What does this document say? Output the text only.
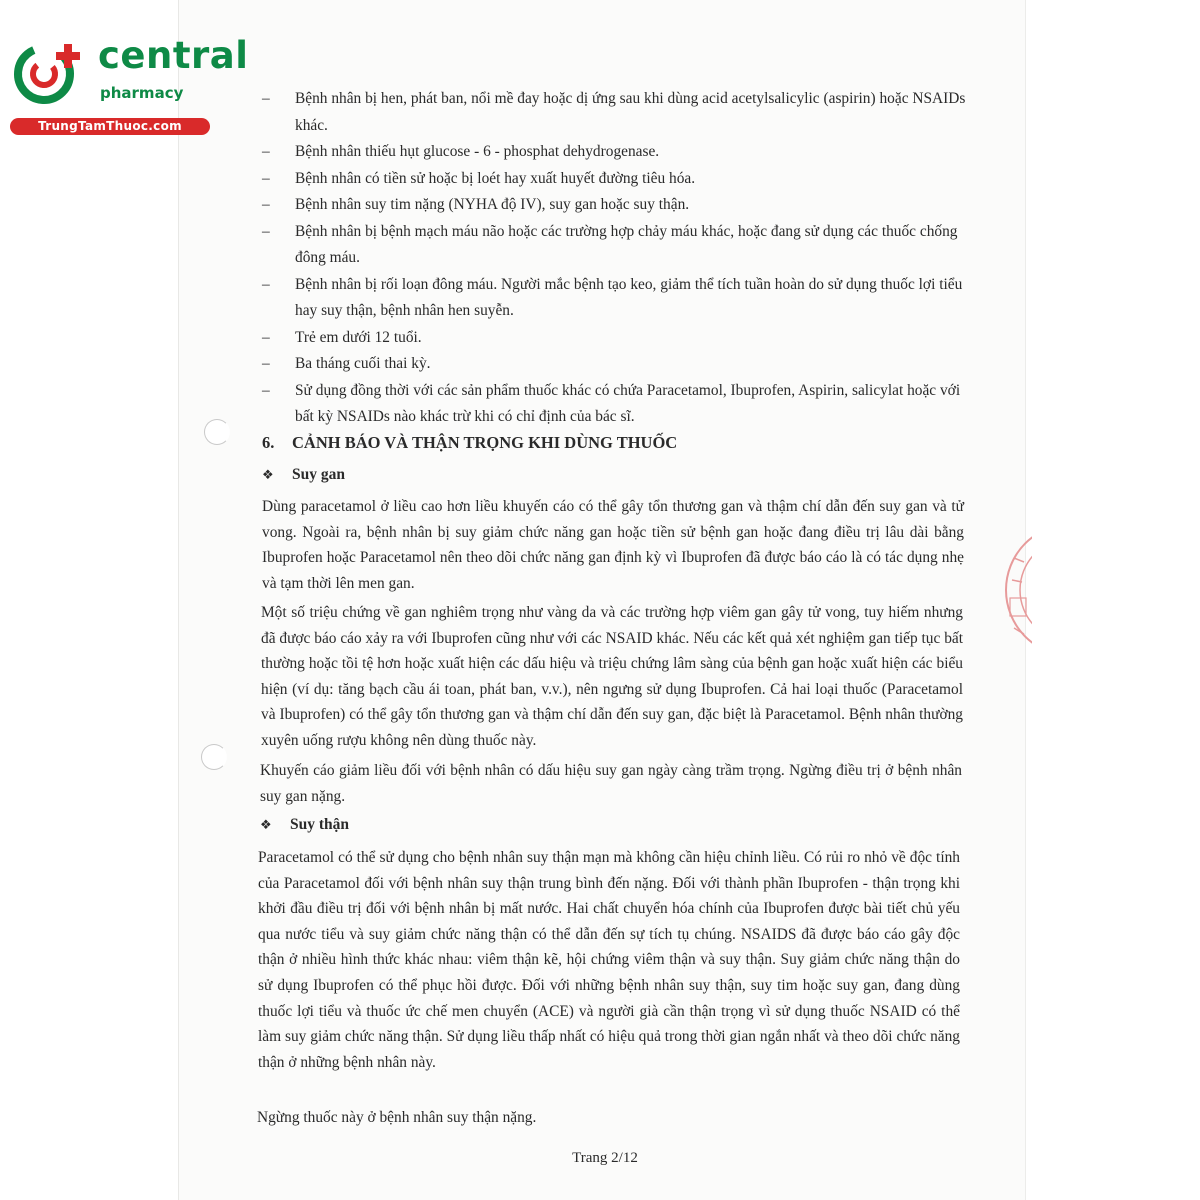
central
pharmacy
TrungTamThuoc.com
– Bệnh nhân bị hen, phát ban, nổi mề đay hoặc dị ứng sau khi dùng acid acetylsalicylic (aspirin) hoặc NSAIDs khác.
– Bệnh nhân thiếu hụt glucose - 6 - phosphat dehydrogenase.
– Bệnh nhân có tiền sử hoặc bị loét hay xuất huyết đường tiêu hóa.
– Bệnh nhân suy tim nặng (NYHA độ IV), suy gan hoặc suy thận.
– Bệnh nhân bị bệnh mạch máu não hoặc các trường hợp chảy máu khác, hoặc đang sử dụng các thuốc chống đông máu.
– Bệnh nhân bị rối loạn đông máu. Người mắc bệnh tạo keo, giảm thể tích tuần hoàn do sử dụng thuốc lợi tiểu hay suy thận, bệnh nhân hen suyễn.
– Trẻ em dưới 12 tuổi.
– Ba tháng cuối thai kỳ.
– Sử dụng đồng thời với các sản phẩm thuốc khác có chứa Paracetamol, Ibuprofen, Aspirin, salicylat hoặc với bất kỳ NSAIDs nào khác trừ khi có chỉ định của bác sĩ.
6. CẢNH BÁO VÀ THẬN TRỌNG KHI DÙNG THUỐC
❖ Suy gan

Dùng paracetamol ở liều cao hơn liều khuyến cáo có thể gây tổn thương gan và thậm chí dẫn đến suy gan và tử vong. Ngoài ra, bệnh nhân bị suy giảm chức năng gan hoặc tiền sử bệnh gan hoặc đang điều trị lâu dài bằng Ibuprofen hoặc Paracetamol nên theo dõi chức năng gan định kỳ vì Ibuprofen đã được báo cáo là có tác dụng nhẹ và tạm thời lên men gan.

Một số triệu chứng về gan nghiêm trọng như vàng da và các trường hợp viêm gan gây tử vong, tuy hiếm nhưng đã được báo cáo xảy ra với Ibuprofen cũng như với các NSAID khác. Nếu các kết quả xét nghiệm gan tiếp tục bất thường hoặc tồi tệ hơn hoặc xuất hiện các dấu hiệu và triệu chứng lâm sàng của bệnh gan hoặc xuất hiện các biểu hiện (ví dụ: tăng bạch cầu ái toan, phát ban, v.v.), nên ngưng sử dụng Ibuprofen. Cả hai loại thuốc (Paracetamol và Ibuprofen) có thể gây tổn thương gan và thậm chí dẫn đến suy gan, đặc biệt là Paracetamol. Bệnh nhân thường xuyên uống rượu không nên dùng thuốc này.

Khuyến cáo giảm liều đối với bệnh nhân có dấu hiệu suy gan ngày càng trầm trọng. Ngừng điều trị ở bệnh nhân suy gan nặng.

❖ Suy thận

Paracetamol có thể sử dụng cho bệnh nhân suy thận mạn mà không cần hiệu chỉnh liều. Có rủi ro nhỏ về độc tính của Paracetamol đối với bệnh nhân suy thận trung bình đến nặng. Đối với thành phần Ibuprofen - thận trọng khi khởi đầu điều trị đối với bệnh nhân bị mất nước. Hai chất chuyển hóa chính của Ibuprofen được bài tiết chủ yếu qua nước tiểu và suy giảm chức năng thận có thể dẫn đến sự tích tụ chúng. NSAIDS đã được báo cáo gây độc thận ở nhiều hình thức khác nhau: viêm thận kẽ, hội chứng viêm thận và suy thận. Suy giảm chức năng thận do sử dụng Ibuprofen có thể phục hồi được. Đối với những bệnh nhân suy thận, suy tim hoặc suy gan, đang dùng thuốc lợi tiểu và thuốc ức chế men chuyển (ACE) và người già cần thận trọng vì sử dụng thuốc NSAID có thể làm suy giảm chức năng thận. Sử dụng liều thấp nhất có hiệu quả trong thời gian ngắn nhất và theo dõi chức năng thận ở những bệnh nhân này.

Ngừng thuốc này ở bệnh nhân suy thận nặng.

Trang 2/12
